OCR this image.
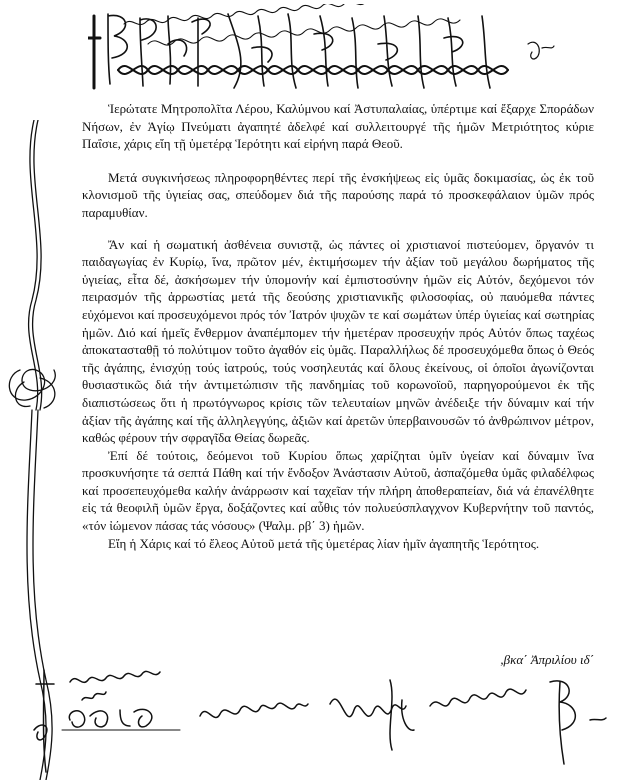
Ἱερώτατε Μητροπολῖτα Λέρου, Καλύμνου καί Ἀστυπαλαίας, ὑπέρτιμε καί ἔξαρχε Σποράδων Νήσων, ἐν Ἁγίῳ Πνεύματι ἀγαπητέ ἀδελφέ καί συλλειτουργέ τῆς ἡμῶν Μετριότητος κύριε Παΐσιε, χάρις εἴη τῇ ὑμετέρᾳ Ἱερότητι καί εἰρήνη παρά Θεοῦ.

Μετά συγκινήσεως πληροφορηθέντες περί τῆς ἐνσκήψεως εἰς ὑμᾶς δοκιμασίας, ὡς ἐκ τοῦ κλονισμοῦ τῆς ὑγιείας σας, σπεύδομεν διά τῆς παρούσης παρά τό προσκεφάλαιον ὑμῶν πρός παραμυθίαν.

Ἄν καί ἡ σωματική ἀσθένεια συνιστᾷ, ὡς πάντες οἱ χριστιανοί πιστεύομεν, ὄργανόν τι παιδαγωγίας ἐν Κυρίῳ, ἵνα, πρῶτον μέν, ἐκτιμήσωμεν τήν ἀξίαν τοῦ μεγάλου δωρήματος τῆς ὑγιείας, εἶτα δέ, ἀσκήσωμεν τήν ὑπομονήν καί ἐμπιστοσύνην ἡμῶν εἰς Αὐτόν, δεχόμενοι τόν πειρασμόν τῆς ἀρρωστίας μετά τῆς δεούσης χριστιανικῆς φιλοσοφίας, οὐ παυόμεθα πάντες εὐχόμενοι καί προσευχόμενοι πρός τόν Ἰατρόν ψυχῶν τε καί σωμάτων ὑπέρ ὑγιείας καί σωτηρίας ἡμῶν. Διό καί ἡμεῖς ἔνθερμον ἀναπέμπομεν τήν ἡμετέραν προσευχήν πρός Αὐτόν ὅπως ταχέως ἀποκατασταθῇ τό πολύτιμον τοῦτο ἀγαθόν εἰς ὑμᾶς. Παραλλήλως δέ προσευχόμεθα ὅπως ὁ Θεός τῆς ἀγάπης, ἐνισχύῃ τούς ἰατρούς, τούς νοσηλευτάς καί ὅλους ἐκείνους, οἱ ὁποῖοι ἀγωνίζονται θυσιαστικῶς διά τήν ἀντιμετώπισιν τῆς πανδημίας τοῦ κορωνοϊοῦ, παρηγορούμενοι ἐκ τῆς διαπιστώσεως ὅτι ἡ πρωτόγνωρος κρίσις τῶν τελευταίων μηνῶν ἀνέδειξε τήν δύναμιν καί τήν ἀξίαν τῆς ἀγάπης καί τῆς ἀλληλεγγύης, ἀξιῶν καί ἀρετῶν ὑπερβαινουσῶν τό ἀνθρώπινον μέτρον, καθώς φέρουν τήν σφραγῖδα Θείας δωρεᾶς.

Ἐπί δέ τούτοις, δεόμενοι τοῦ Κυρίου ὅπως χαρίζηται ὑμῖν ὑγείαν καί δύναμιν ἵνα προσκυνήσητε τά σεπτά Πάθη καί τήν ἔνδοξον Ἀνάστασιν Αὐτοῦ, ἀσπαζόμεθα ὑμᾶς φιλαδέλφως καί προσεπευχόμεθα καλήν ἀνάρρωσιν καί ταχεῖαν τήν πλήρη ἀποθεραπείαν, διά νά ἐπανέλθητε εἰς τά θεοφιλῆ ὑμῶν ἔργα, δοξάζοντες καί αὖθις τόν πολυεύσπλαγχνον Κυβερνήτην τοῦ παντός, «τόν ἰώμενον πάσας τάς νόσους» (Ψαλμ. ρβ΄ 3) ἡμῶν.

Εἴη ἡ Χάρις καί τό ἔλεος Αὐτοῦ μετά τῆς ὑμετέρας λίαν ἡμῖν ἀγαπητῆς Ἱερότητος.

,βκα΄ Ἀπριλίου ιδ΄
